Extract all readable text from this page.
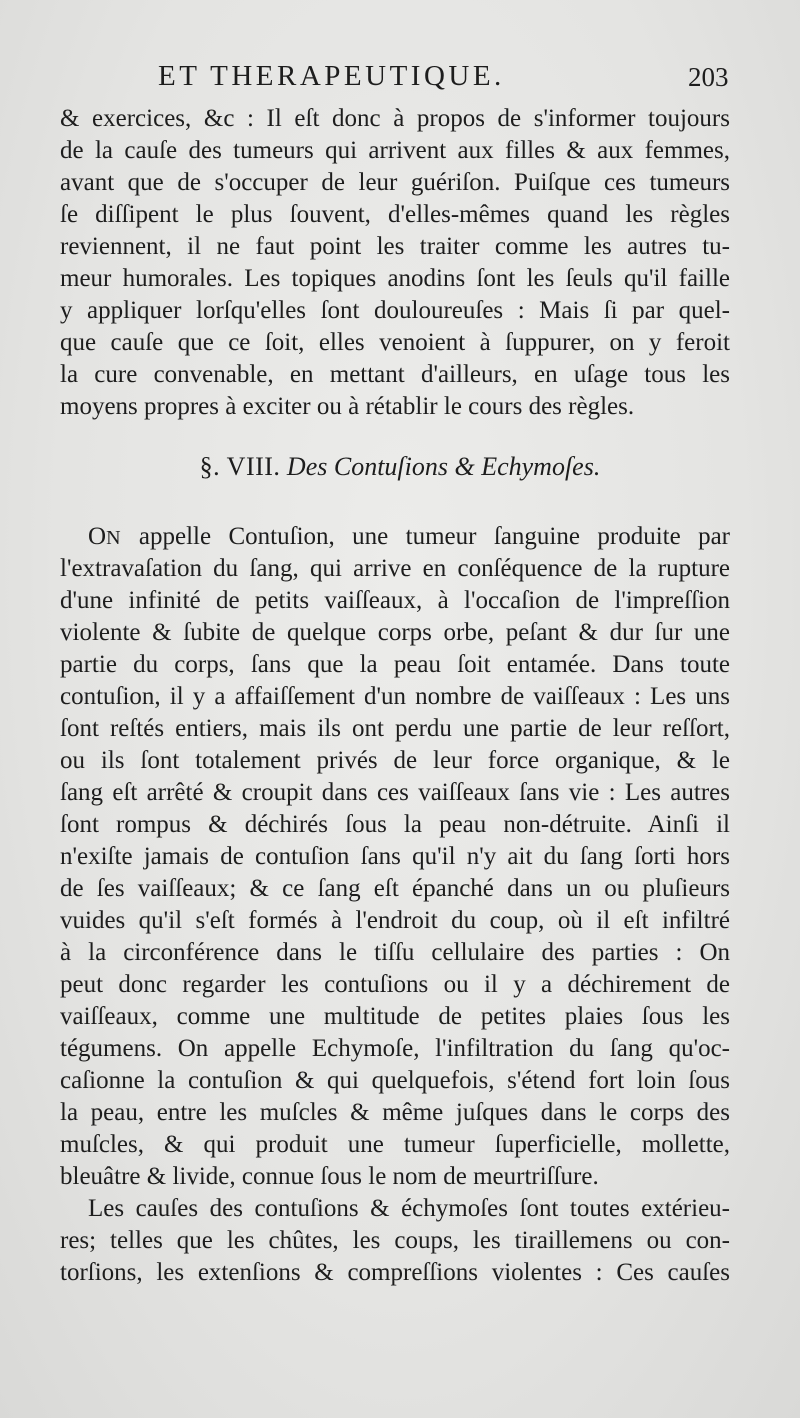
ET THERAPEUTIQUE.	203
& exercices, &c : Il eſt donc à propos de s'informer toujours
de la cauſe des tumeurs qui arrivent aux filles & aux femmes,
avant que de s'occuper de leur guériſon. Puiſque ces tumeurs
ſe diſſipent le plus ſouvent, d'elles-mêmes quand les règles
reviennent, il ne faut point les traiter comme les autres tu-
meur humorales. Les topiques anodins ſont les ſeuls qu'il faille
y appliquer lorſqu'elles ſont douloureuſes : Mais ſi par quel-
que cauſe que ce ſoit, elles venoient à ſuppurer, on y feroit
la cure convenable, en mettant d'ailleurs, en uſage tous les
moyens propres à exciter ou à rétablir le cours des règles.
§. VIII. Des Contuſions & Echymoſes.
ON appelle Contuſion, une tumeur ſanguine produite par
l'extravaſation du ſang, qui arrive en conſéquence de la rupture
d'une infinité de petits vaiſſeaux, à l'occaſion de l'impreſſion
violente & ſubite de quelque corps orbe, peſant & dur ſur une
partie du corps, ſans que la peau ſoit entamée. Dans toute
contuſion, il y a affaiſſement d'un nombre de vaiſſeaux : Les uns
ſont reſtés entiers, mais ils ont perdu une partie de leur reſſort,
ou ils ſont totalement privés de leur force organique, & le
ſang eſt arrêté & croupit dans ces vaiſſeaux ſans vie : Les autres
ſont rompus & déchirés ſous la peau non-détruite. Ainſi il
n'exiſte jamais de contuſion ſans qu'il n'y ait du ſang ſorti hors
de ſes vaiſſeaux; & ce ſang eſt épanché dans un ou pluſieurs
vuides qu'il s'eſt formés à l'endroit du coup, où il eſt infiltré
à la circonférence dans le tiſſu cellulaire des parties : On
peut donc regarder les contuſions ou il y a déchirement de
vaiſſeaux, comme une multitude de petites plaies ſous les
tégumens. On appelle Echymoſe, l'infiltration du ſang qu'oc-
caſionne la contuſion & qui quelquefois, s'étend fort loin ſous
la peau, entre les muſcles & même juſques dans le corps des
muſcles, & qui produit une tumeur ſuperficielle, mollette,
bleuâtre & livide, connue ſous le nom de meurtriſſure.
Les cauſes des contuſions & échymoſes ſont toutes extérieu-
res; telles que les chûtes, les coups, les tiraillemens ou con-
torſions, les extenſions & compreſſions violentes : Ces cauſes
